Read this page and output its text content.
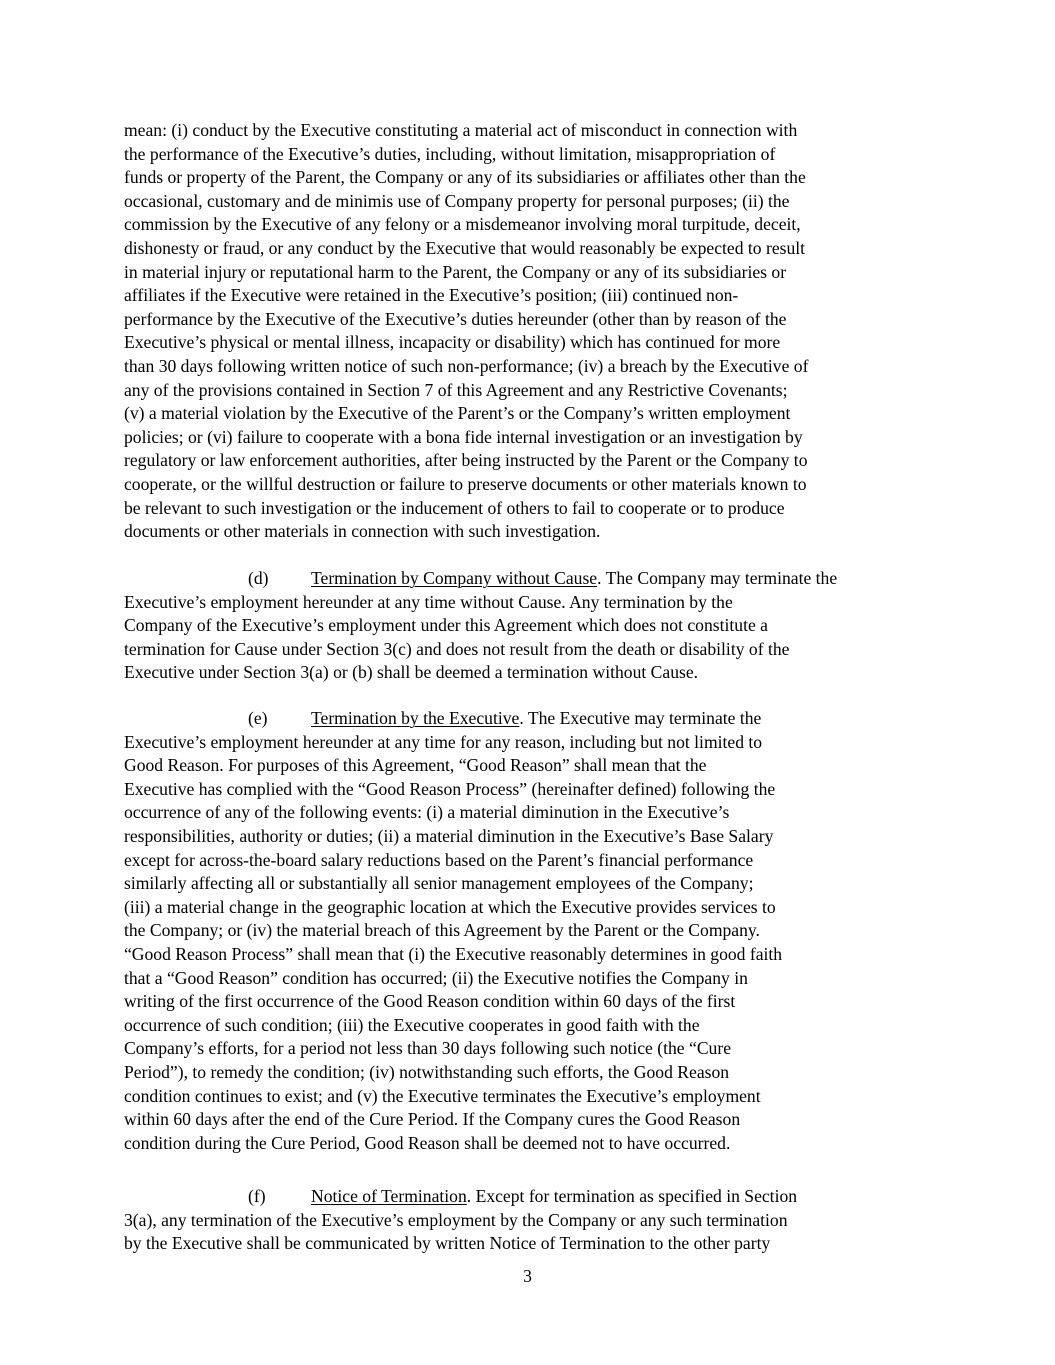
mean: (i) conduct by the Executive constituting a material act of misconduct in connection with
the performance of the Executive’s duties, including, without limitation, misappropriation of
funds or property of the Parent, the Company or any of its subsidiaries or affiliates other than the
occasional, customary and de minimis use of Company property for personal purposes; (ii) the
commission by the Executive of any felony or a misdemeanor involving moral turpitude, deceit,
dishonesty or fraud, or any conduct by the Executive that would reasonably be expected to result
in material injury or reputational harm to the Parent, the Company or any of its subsidiaries or
affiliates if the Executive were retained in the Executive’s position; (iii) continued non-
performance by the Executive of the Executive’s duties hereunder (other than by reason of the
Executive’s physical or mental illness, incapacity or disability) which has continued for more
than 30 days following written notice of such non-performance; (iv) a breach by the Executive of
any of the provisions contained in Section 7 of this Agreement and any Restrictive Covenants;
(v) a material violation by the Executive of the Parent’s or the Company’s written employment
policies; or (vi) failure to cooperate with a bona fide internal investigation or an investigation by
regulatory or law enforcement authorities, after being instructed by the Parent or the Company to
cooperate, or the willful destruction or failure to preserve documents or other materials known to
be relevant to such investigation or the inducement of others to fail to cooperate or to produce
documents or other materials in connection with such investigation.
(d) Termination by Company without Cause. The Company may terminate the
Executive’s employment hereunder at any time without Cause. Any termination by the
Company of the Executive’s employment under this Agreement which does not constitute a
termination for Cause under Section 3(c) and does not result from the death or disability of the
Executive under Section 3(a) or (b) shall be deemed a termination without Cause.
(e) Termination by the Executive. The Executive may terminate the
Executive’s employment hereunder at any time for any reason, including but not limited to
Good Reason. For purposes of this Agreement, “Good Reason” shall mean that the
Executive has complied with the “Good Reason Process” (hereinafter defined) following the
occurrence of any of the following events: (i) a material diminution in the Executive’s
responsibilities, authority or duties; (ii) a material diminution in the Executive’s Base Salary
except for across-the-board salary reductions based on the Parent’s financial performance
similarly affecting all or substantially all senior management employees of the Company;
(iii) a material change in the geographic location at which the Executive provides services to
the Company; or (iv) the material breach of this Agreement by the Parent or the Company.
“Good Reason Process” shall mean that (i) the Executive reasonably determines in good faith
that a “Good Reason” condition has occurred; (ii) the Executive notifies the Company in
writing of the first occurrence of the Good Reason condition within 60 days of the first
occurrence of such condition; (iii) the Executive cooperates in good faith with the
Company’s efforts, for a period not less than 30 days following such notice (the “Cure
Period”), to remedy the condition; (iv) notwithstanding such efforts, the Good Reason
condition continues to exist; and (v) the Executive terminates the Executive’s employment
within 60 days after the end of the Cure Period. If the Company cures the Good Reason
condition during the Cure Period, Good Reason shall be deemed not to have occurred.
(f)	Notice of Termination. Except for termination as specified in Section
3(a), any termination of the Executive’s employment by the Company or any such termination
by the Executive shall be communicated by written Notice of Termination to the other party
3
